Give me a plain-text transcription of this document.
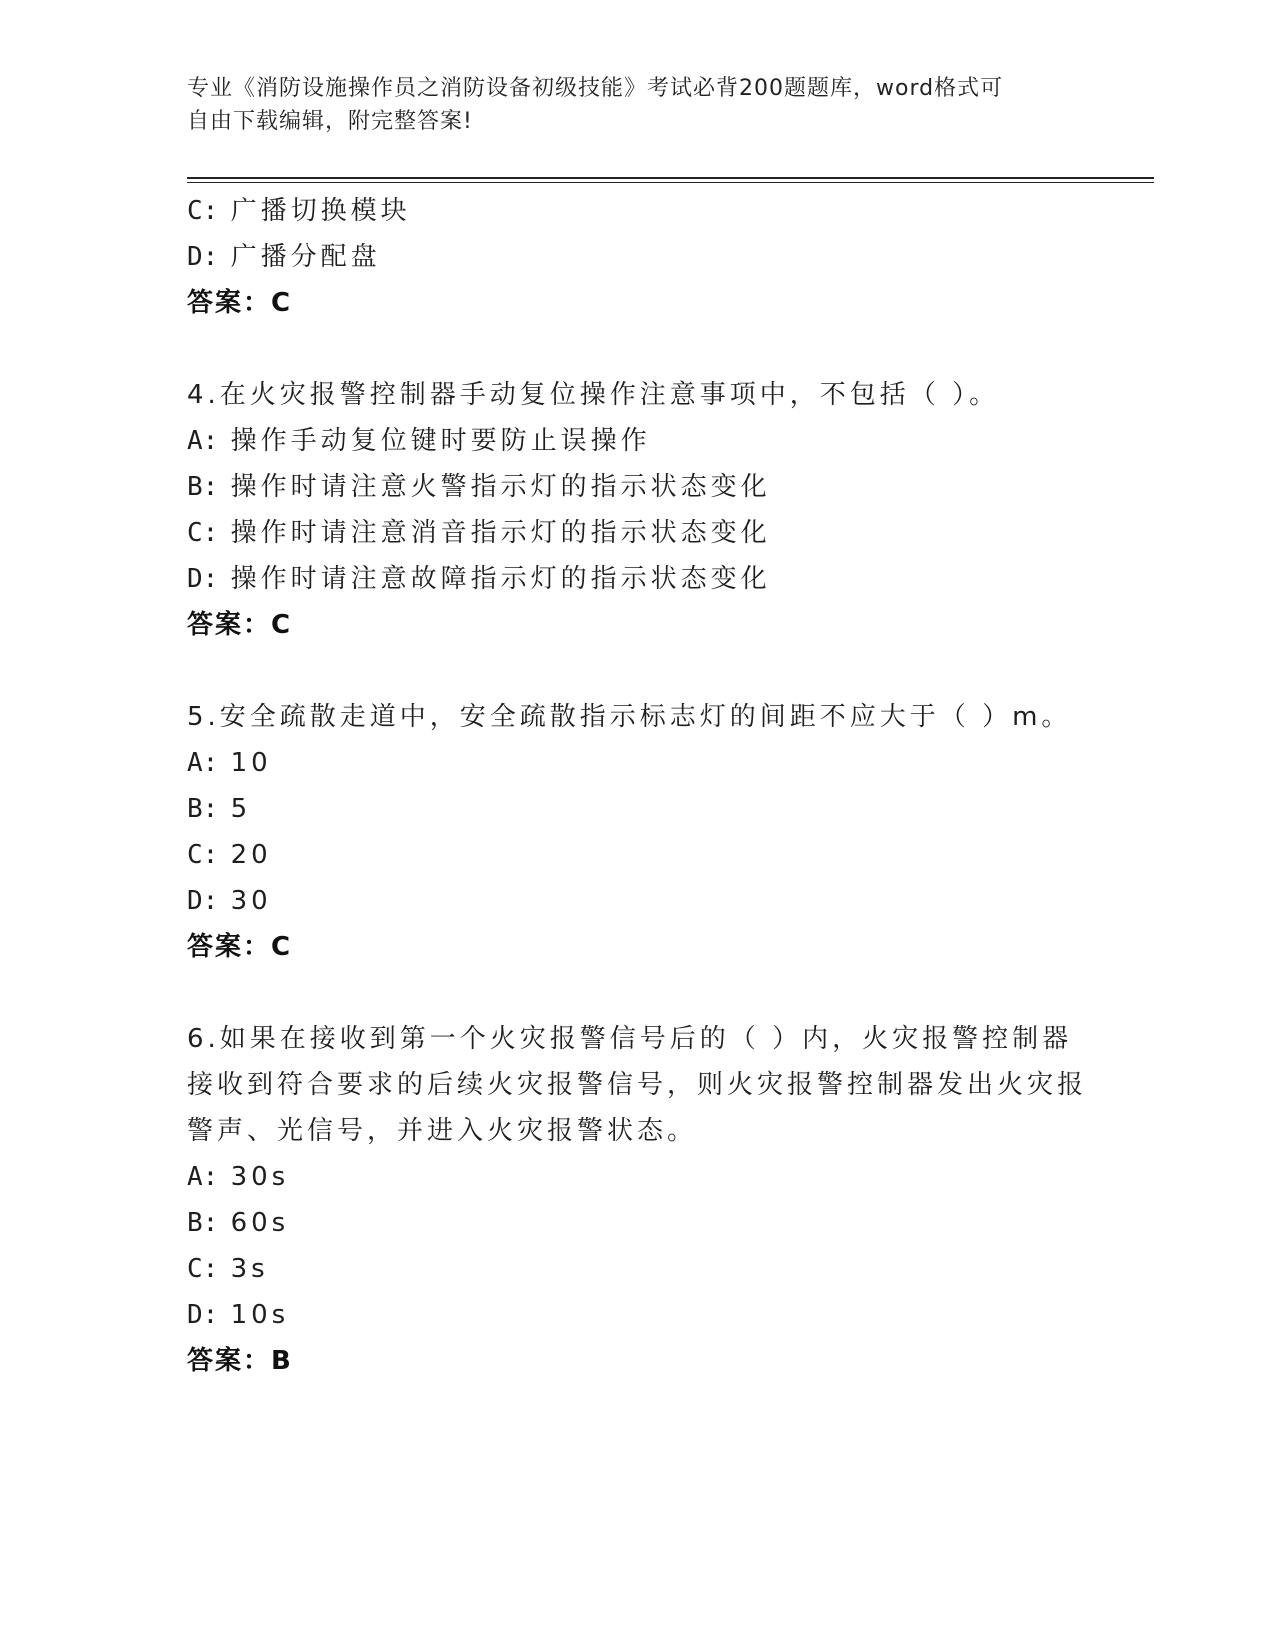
专业《消防设施操作员之消防设备初级技能》考试必背200题题库，word格式可
自由下载编辑，附完整答案!
C: 广播切换模块
D: 广播分配盘
答案：C
4.在火灾报警控制器手动复位操作注意事项中，不包括（ ）。
A: 操作手动复位键时要防止误操作
B: 操作时请注意火警指示灯的指示状态变化
C: 操作时请注意消音指示灯的指示状态变化
D: 操作时请注意故障指示灯的指示状态变化
答案：C
5.安全疏散走道中，安全疏散指示标志灯的间距不应大于（ ）m。
A: 10
B: 5
C: 20
D: 30
答案：C
6.如果在接收到第一个火灾报警信号后的（ ）内，火灾报警控制器
接收到符合要求的后续火灾报警信号，则火灾报警控制器发出火灾报
警声、光信号，并进入火灾报警状态。
A: 30s
B: 60s
C: 3s
D: 10s
答案：B
